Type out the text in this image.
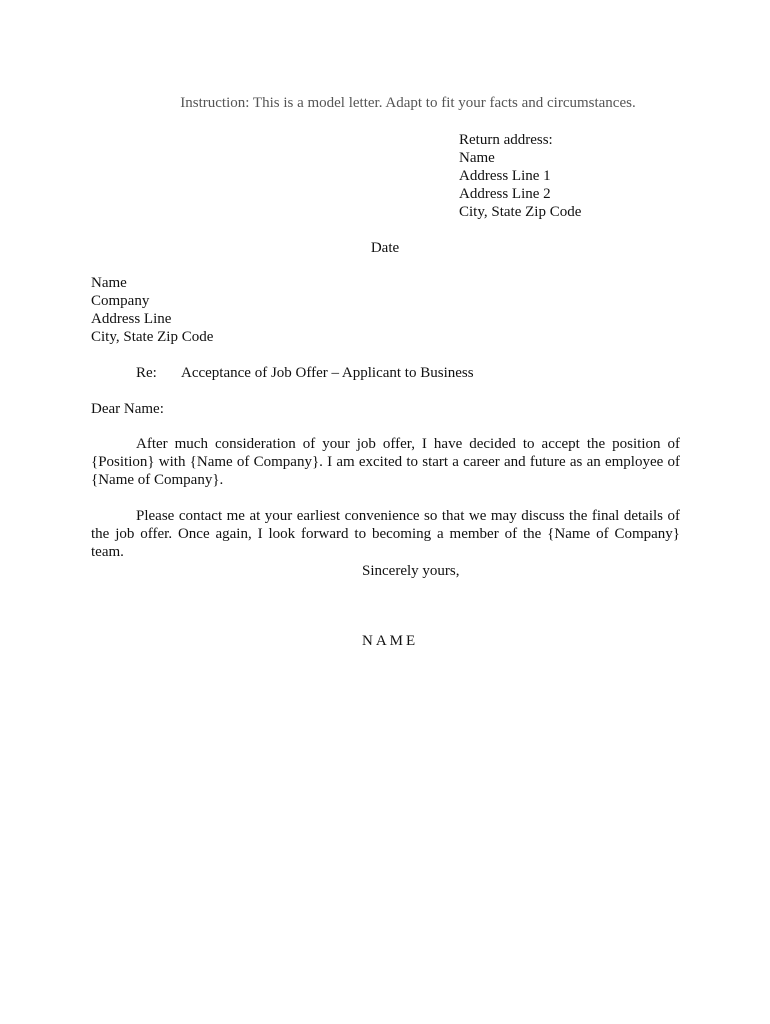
Instruction: This is a model letter. Adapt to fit your facts and circumstances.
Return address:
Name
Address Line 1
Address Line 2
City, State Zip Code
Date
Name
Company
Address Line
City, State Zip Code
Re: Acceptance of Job Offer – Applicant to Business
Dear Name:

After much consideration of your job offer, I have decided to accept the position of {Position} with {Name of Company}. I am excited to start a career and future as an employee of {Name of Company}.

Please contact me at your earliest convenience so that we may discuss the final details of the job offer. Once again, I look forward to becoming a member of the {Name of Company} team.

Sincerely yours,
NAME
